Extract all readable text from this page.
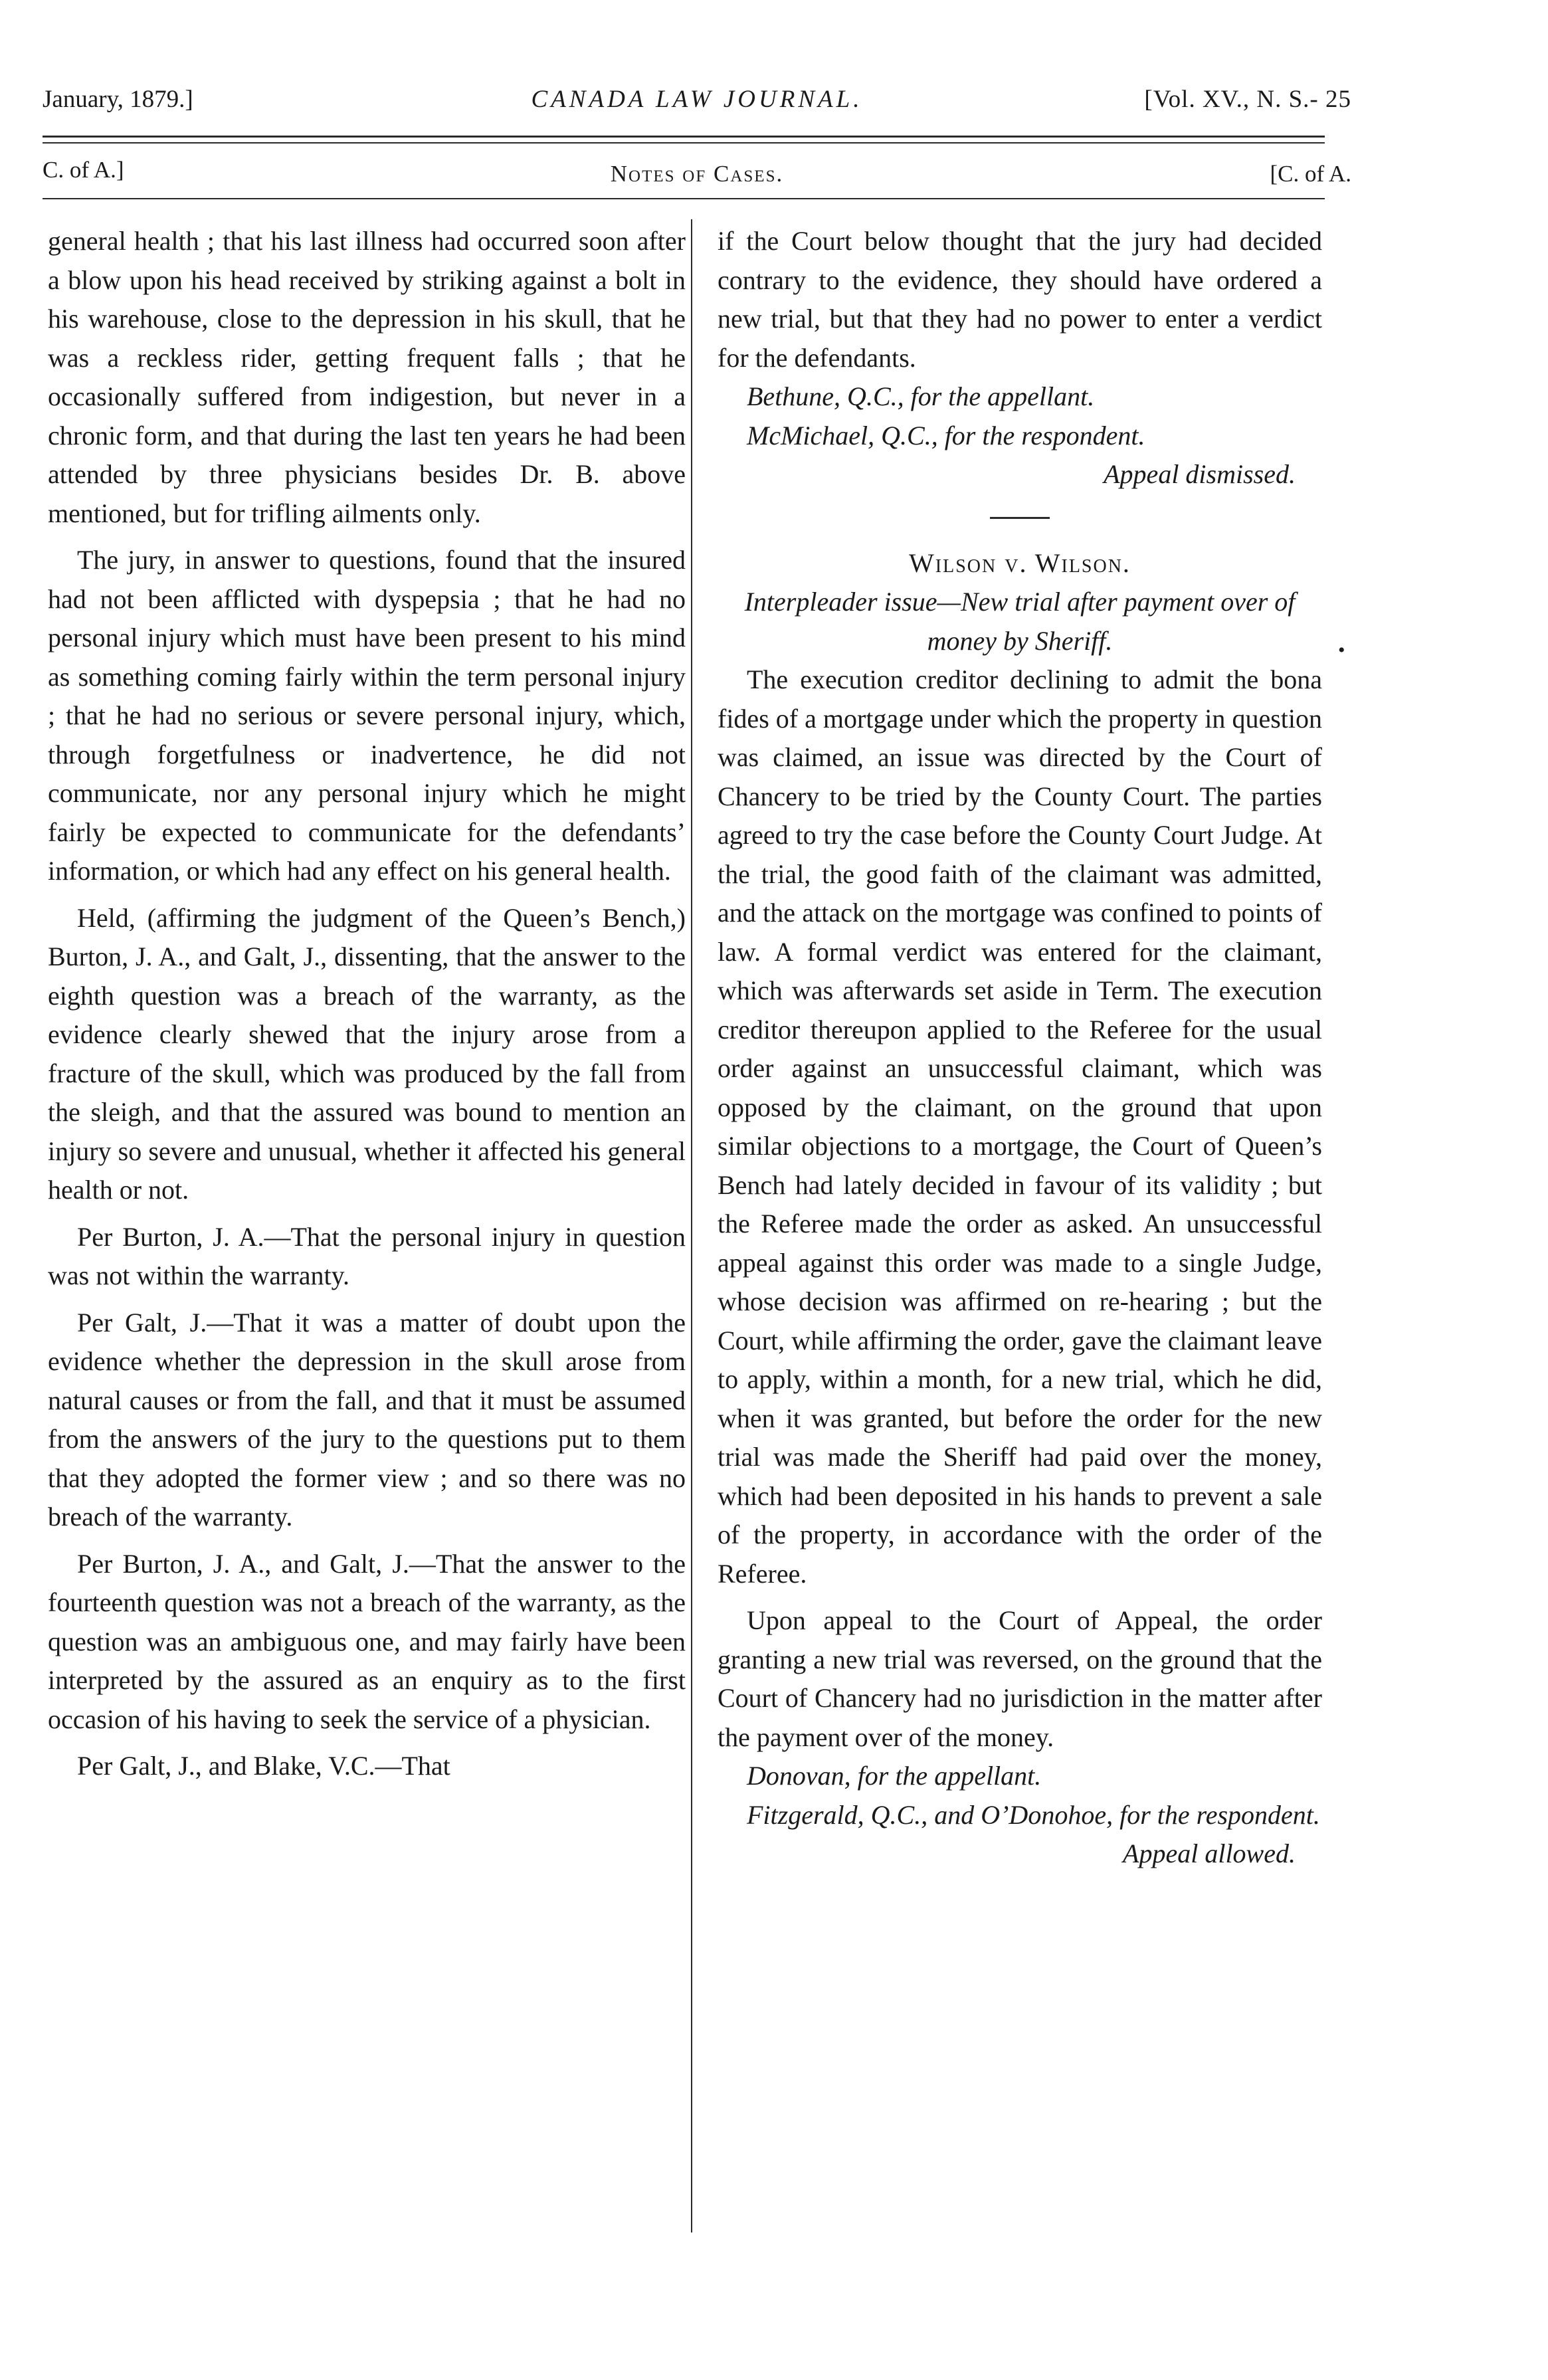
January, 1879.]	CANADA LAW JOURNAL.	[Vol. XV., N. S.- 25
C. of A.]	Notes of Cases.	[C. of A.

general health ; that his last illness had occurred soon after a blow upon his head received by striking against a bolt in his warehouse, close to the depression in his skull, that he was a reckless rider, getting frequent falls ; that he occasionally suffered from indigestion, but never in a chronic form, and that during the last ten years he had been attended by three physicians besides Dr. B. above mentioned, but for trifling ailments only.

The jury, in answer to questions, found that the insured had not been afflicted with dyspepsia ; that he had no personal injury which must have been present to his mind as something coming fairly within the term personal injury ; that he had no serious or severe personal injury, which, through forgetfulness or inadvertence, he did not communicate, nor any personal injury which he might fairly be expected to communicate for the defendants’ information, or which had any effect on his general health.

Held, (affirming the judgment of the Queen’s Bench,) Burton, J. A., and Galt, J., dissenting, that the answer to the eighth question was a breach of the warranty, as the evidence clearly shewed that the injury arose from a fracture of the skull, which was produced by the fall from the sleigh, and that the assured was bound to mention an injury so severe and unusual, whether it affected his general health or not.

Per Burton, J. A.—That the personal injury in question was not within the warranty.

Per Galt, J.—That it was a matter of doubt upon the evidence whether the depression in the skull arose from natural causes or from the fall, and that it must be assumed from the answers of the jury to the questions put to them that they adopted the former view ; and so there was no breach of the warranty.

Per Burton, J. A., and Galt, J.—That the answer to the fourteenth question was not a breach of the warranty, as the question was an ambiguous one, and may fairly have been interpreted by the assured as an enquiry as to the first occasion of his having to seek the service of a physician.

Per Galt, J., and Blake, V.C.—That

if the Court below thought that the jury had decided contrary to the evidence, they should have ordered a new trial, but that they had no power to enter a verdict for the defendants.

Bethune, Q.C., for the appellant.

McMichael, Q.C., for the respondent.

Appeal dismissed.

Wilson v. Wilson.

Interpleader issue—New trial after payment over of money by Sheriff.

The execution creditor declining to admit the bona fides of a mortgage under which the property in question was claimed, an issue was directed by the Court of Chancery to be tried by the County Court. The parties agreed to try the case before the County Court Judge. At the trial, the good faith of the claimant was admitted, and the attack on the mortgage was confined to points of law. A formal verdict was entered for the claimant, which was afterwards set aside in Term. The execution creditor thereupon applied to the Referee for the usual order against an unsuccessful claimant, which was opposed by the claimant, on the ground that upon similar objections to a mortgage, the Court of Queen’s Bench had lately decided in favour of its validity ; but the Referee made the order as asked. An unsuccessful appeal against this order was made to a single Judge, whose decision was affirmed on re-hearing ; but the Court, while affirming the order, gave the claimant leave to apply, within a month, for a new trial, which he did, when it was granted, but before the order for the new trial was made the Sheriff had paid over the money, which had been deposited in his hands to prevent a sale of the property, in accordance with the order of the Referee.

Upon appeal to the Court of Appeal, the order granting a new trial was reversed, on the ground that the Court of Chancery had no jurisdiction in the matter after the payment over of the money.

Donovan, for the appellant.

Fitzgerald, Q.C., and O’Donohoe, for the respondent.

Appeal allowed.

•
